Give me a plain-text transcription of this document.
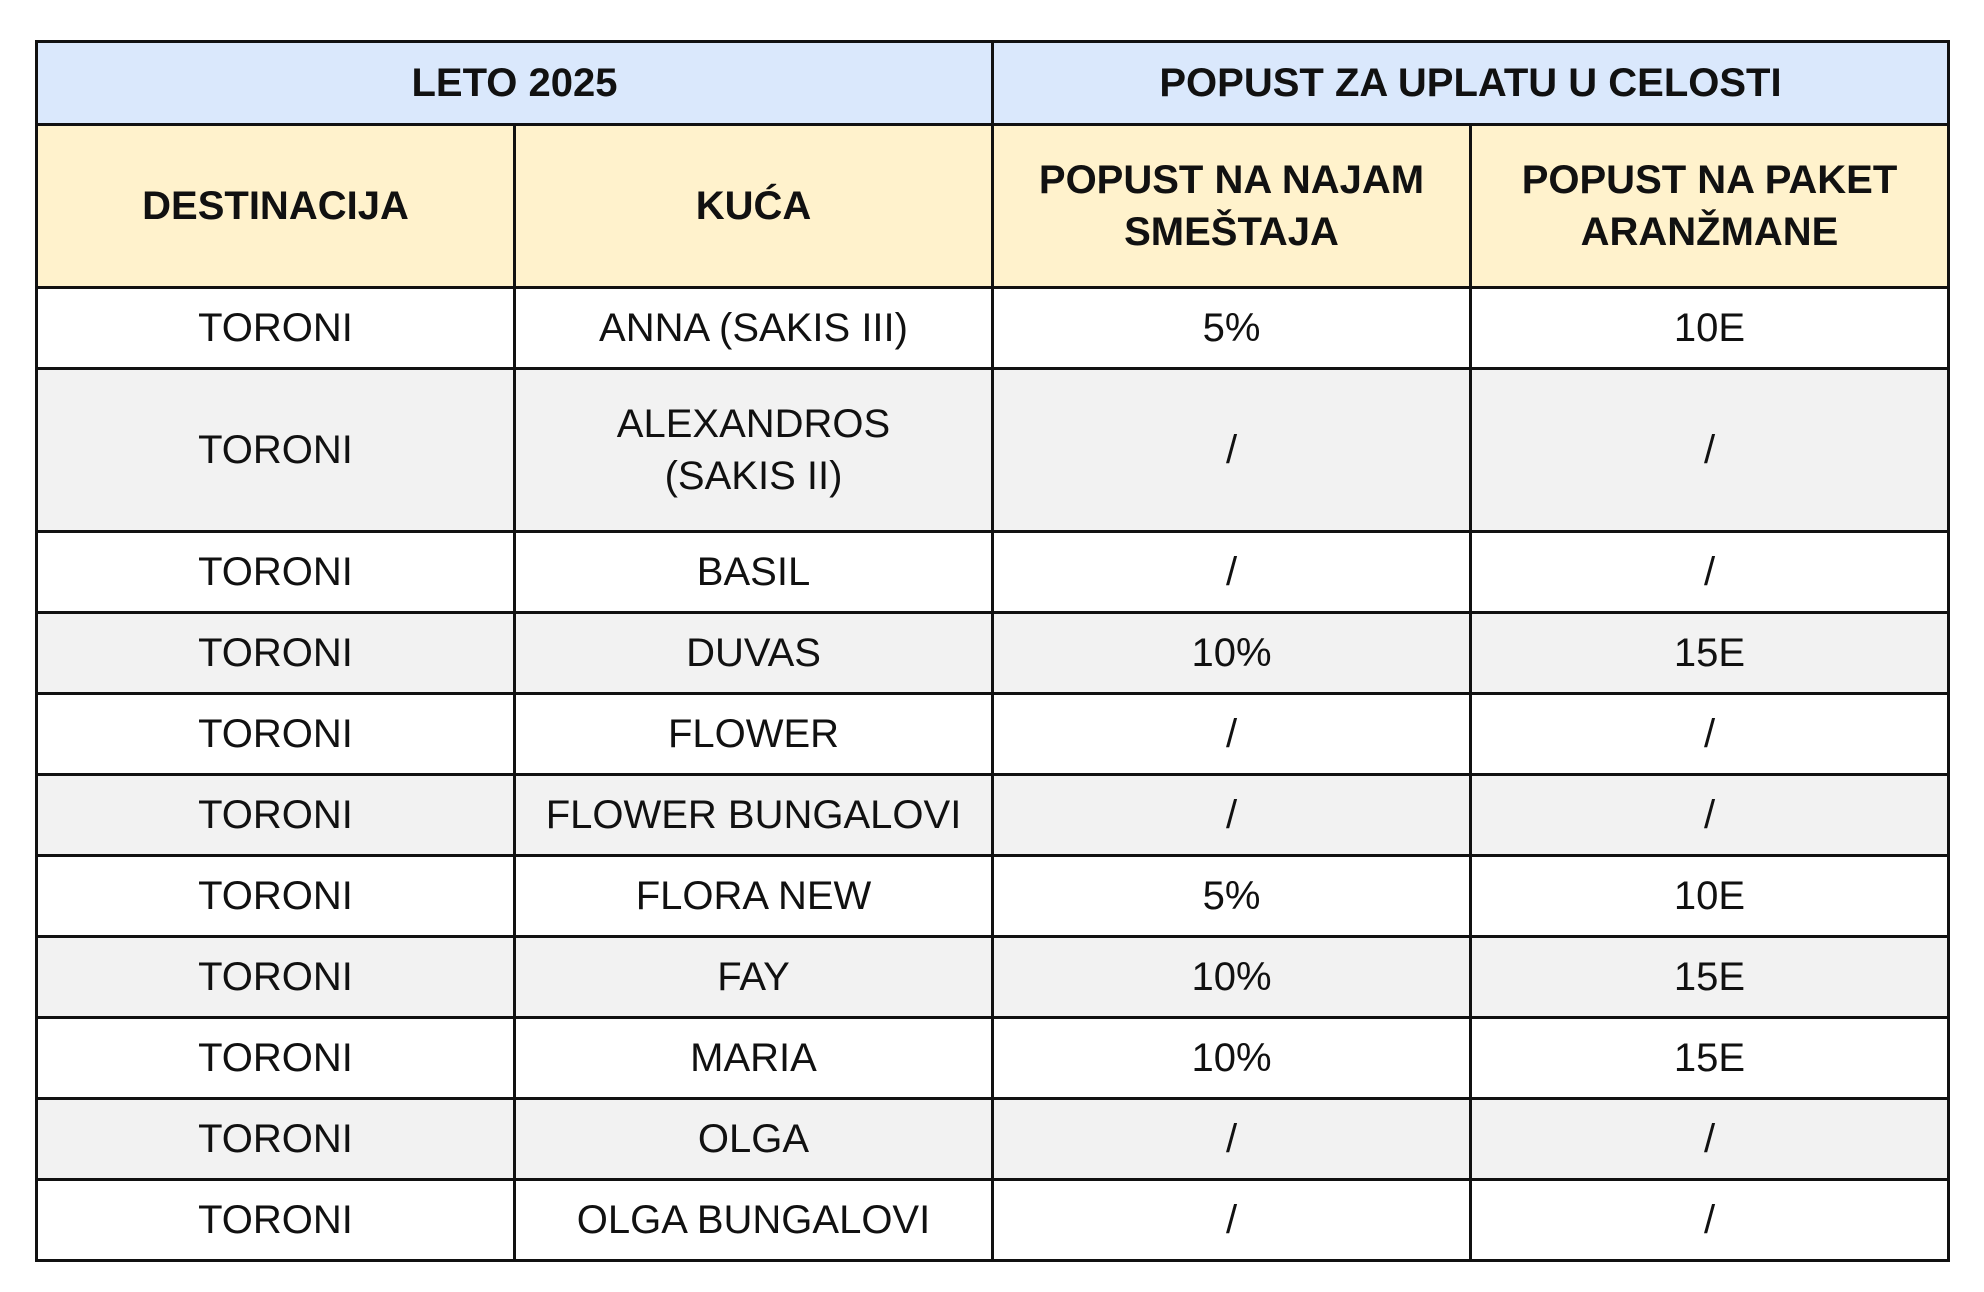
LETO 2025		POPUST ZA UPLATU U CELOSTI	
DESTINACIJA	KUĆA	POPUST NA NAJAM SMEŠTAJA	POPUST NA PAKET ARANŽMANE
TORONI	ANNA (SAKIS III)	5%	10E
TORONI	ALEXANDROS (SAKIS II)	/	/
TORONI	BASIL	/	/
TORONI	DUVAS	10%	15E
TORONI	FLOWER	/	/
TORONI	FLOWER BUNGALOVI	/	/
TORONI	FLORA NEW	5%	10E
TORONI	FAY	10%	15E
TORONI	MARIA	10%	15E
TORONI	OLGA	/	/
TORONI	OLGA BUNGALOVI	/	/
